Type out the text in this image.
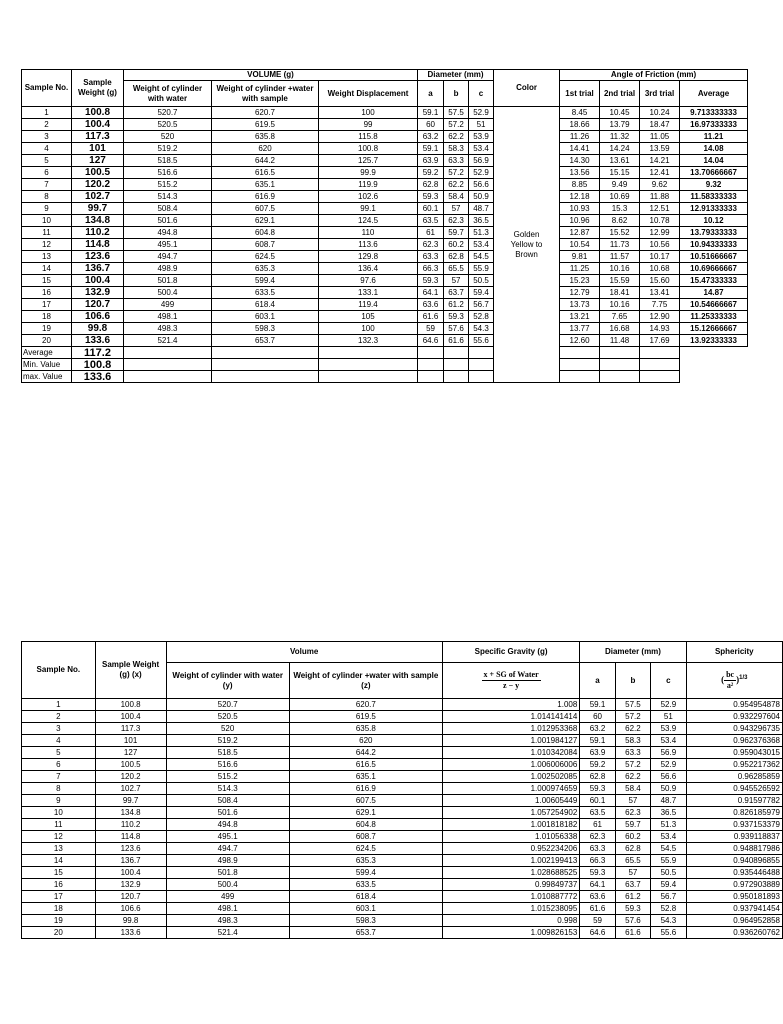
Sample No.	Sample Weight (g)	VOLUME (g)			Diameter (mm)			Color	Angle of Friction (mm)			
		Weight of cylinder with water	Weight of cylinder +water with sample	Weight Displacement	a	b	c		1st trial	2nd trial	3rd trial	Average
1	100.8	520.7	620.7	100	59.1	57.5	52.9	Golden Yellow to Brown	8.45	10.45	10.24	9.713333333
2	100.4	520.5	619.5	99	60	57.2	51		18.66	13.79	18.47	16.97333333
3	117.3	520	635.8	115.8	63.2	62.2	53.9		11.26	11.32	11.05	11.21
4	101	519.2	620	100.8	59.1	58.3	53.4		14.41	14.24	13.59	14.08
5	127	518.5	644.2	125.7	63.9	63.3	56.9		14.30	13.61	14.21	14.04
6	100.5	516.6	616.5	99.9	59.2	57.2	52.9		13.56	15.15	12.41	13.70666667
7	120.2	515.2	635.1	119.9	62.8	62.2	56.6		8.85	9.49	9.62	9.32
8	102.7	514.3	616.9	102.6	59.3	58.4	50.9		12.18	10.69	11.88	11.58333333
9	99.7	508.4	607.5	99.1	60.1	57	48.7		10.93	15.3	12.51	12.91333333
10	134.8	501.6	629.1	124.5	63.5	62.3	36.5		10.96	8.62	10.78	10.12
11	110.2	494.8	604.8	110	61	59.7	51.3		12.87	15.52	12.99	13.79333333
12	114.8	495.1	608.7	113.6	62.3	60.2	53.4		10.54	11.73	10.56	10.94333333
13	123.6	494.7	624.5	129.8	63.3	62.8	54.5		9.81	11.57	10.17	10.51666667
14	136.7	498.9	635.3	136.4	66.3	65.5	55.9		11.25	10.16	10.68	10.69666667
15	100.4	501.8	599.4	97.6	59.3	57	50.5		15.23	15.59	15.60	15.47333333
16	132.9	500.4	633.5	133.1	64.1	63.7	59.4		12.79	18.41	13.41	14.87
17	120.7	499	618.4	119.4	63.6	61.2	56.7		13.73	10.16	7.75	10.54666667
18	106.6	498.1	603.1	105	61.6	59.3	52.8		13.21	7.65	12.90	11.25333333
19	99.8	498.3	598.3	100	59	57.6	54.3		13.77	16.68	14.93	15.12666667
20	133.6	521.4	653.7	132.3	64.6	61.6	55.6		12.60	11.48	17.69	13.92333333
Average	117.2											
Min. Value	100.8											
max. Value	133.6											
Sample No.	Sample Weight (g) (x)	Volume		Specific Gravity (g)	Diameter (mm)			Sphericity
		Weight of cylinder with water (y)	Weight of cylinder +water with sample (z)	$\frac{\text{x + SG of Water}}{z - y}$	a	b	c	( $\frac{bc}{\text{a²}} )^{1/3}$
1	100.8	520.7	620.7	1.008	59.1	57.5	52.9	0.954954878
2	100.4	520.5	619.5	1.014141414	60	57.2	51	0.932297604
3	117.3	520	635.8	1.012953368	63.2	62.2	53.9	0.943296735
4	101	519.2	620	1.001984127	59.1	58.3	53.4	0.962376368
5	127	518.5	644.2	1.010342084	63.9	63.3	56.9	0.959043015
6	100.5	516.6	616.5	1.006006006	59.2	57.2	52.9	0.952217362
7	120.2	515.2	635.1	1.002502085	62.8	62.2	56.6	0.96285859
8	102.7	514.3	616.9	1.000974659	59.3	58.4	50.9	0.945526592
9	99.7	508.4	607.5	1.00605449	60.1	57	48.7	0.91597782
10	134.8	501.6	629.1	1.057254902	63.5	62.3	36.5	0.826185979
11	110.2	494.8	604.8	1.001818182	61	59.7	51.3	0.937153379
12	114.8	495.1	608.7	1.01056338	62.3	60.2	53.4	0.939118837
13	123.6	494.7	624.5	0.952234206	63.3	62.8	54.5	0.948817986
14	136.7	498.9	635.3	1.002199413	66.3	65.5	55.9	0.940896855
15	100.4	501.8	599.4	1.028688525	59.3	57	50.5	0.935446488
16	132.9	500.4	633.5	0.99849737	64.1	63.7	59.4	0.972903889
17	120.7	499	618.4	1.010887772	63.6	61.2	56.7	0.950181893
18	106.6	498.1	603.1	1.015238095	61.6	59.3	52.8	0.937941454
19	99.8	498.3	598.3	0.998	59	57.6	54.3	0.964952858
20	133.6	521.4	653.7	1.009826153	64.6	61.6	55.6	0.936260762
